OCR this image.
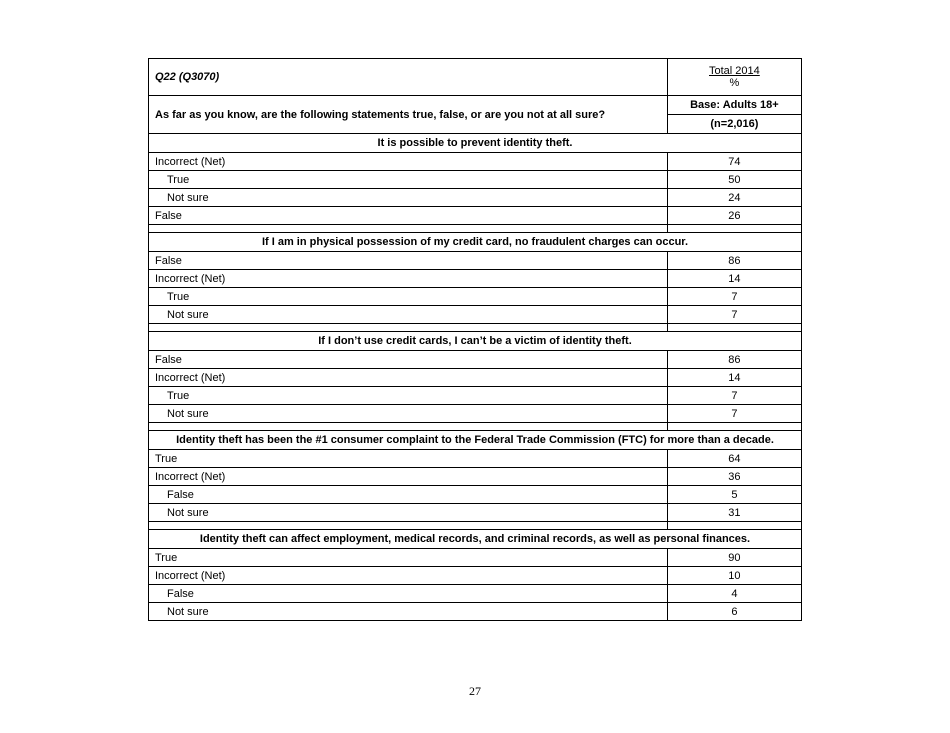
Q22 (Q3070)	Total 2014
%

As far as you know, are the following statements true, false, or are you not at all sure?	Base: Adults 18+
	(n=2,016)
It is possible to prevent identity theft.	
Incorrect (Net)	74
True	50
Not sure	24
False	26

If I am in physical possession of my credit card, no fraudulent charges can occur.	
False	86
Incorrect (Net)	14
True	7
Not sure	7

If I don’t use credit cards, I can’t be a victim of identity theft.	
False	86
Incorrect (Net)	14
True	7
Not sure	7

Identity theft has been the #1 consumer complaint to the Federal Trade Commission (FTC) for more than a decade.	
True	64
Incorrect (Net)	36
False	5
Not sure	31

Identity theft can affect employment, medical records, and criminal records, as well as personal finances.	
True	90
Incorrect (Net)	10
False	4
Not sure	6
27
